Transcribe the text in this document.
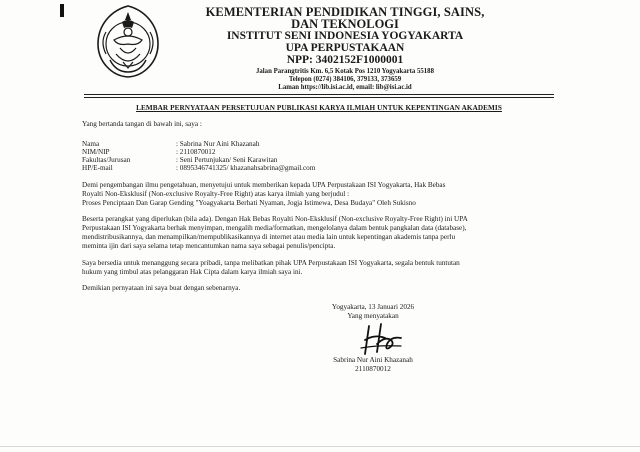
KEMENTERIAN PENDIDIKAN TINGGI, SAINS,
DAN TEKNOLOGI
INSTITUT SENI INDONESIA YOGYAKARTA
UPA PERPUSTAKAAN
NPP: 3402152F1000001
Jalan Parangtritis Km. 6,5 Kotak Pos 1210 Yogyakarta 55188
Telepon (0274) 384106, 379133, 373659
Laman https://lib.isi.ac.id, email: lib@isi.ac.id
LEMBAR PERNYATAAN PERSETUJUAN PUBLIKASI KARYA ILMIAH UNTUK KEPENTINGAN AKADEMIS
Yang bertanda tangan di bawah ini, saya :
Nama	: Sabrina Nur Aini Khazanah
NIM/NIP	: 2110870012
Fakultas/Jurusan	: Seni Pertunjukan/ Seni Karawitan
HP/E-mail	: 0895346741325/ khazanahsabrina@gmail.com
Demi pengembangan ilmu pengetahuan, menyetujui untuk memberikan kepada UPA Perpustakaan ISI Yogyakarta, Hak Bebas
Royalti Non-Eksklusif (Non-exclusive Royalty-Free Right) atas karya ilmiah yang berjudul :
Proses Penciptaan Dan Garap Gending "Yoagyakarta Berhati Nyaman, Jogja Istimewa, Desa Budaya" Oleh Sukisno
Beserta perangkat yang diperlukan (bila ada). Dengan Hak Bebas Royalti Non-Eksklusif (Non-exclusive Royalty-Free Right) ini UPA
Perpustakaan ISI Yogyakarta berhak menyimpan, mengalih media/formatkan, mengelolanya dalam bentuk pangkalan data (database),
mendistribusikannya, dan menampilkan/mempublikasikannya di internet atau media lain untuk kepentingan akademis tanpa perlu
meminta ijin dari saya selama tetap mencantumkan nama saya sebagai penulis/pencipta.
Saya bersedia untuk menanggung secara pribadi, tanpa melibatkan pihak UPA Perpustakaan ISI Yogyakarta, segala bentuk tuntutan
hukum yang timbul atas pelanggaran Hak Cipta dalam karya ilmiah saya ini.
Demikian pernyataan ini saya buat dengan sebenarnya.
Yogyakarta, 13 Januari 2026
Yang menyatakan
Sabrina Nur Aini Khazanah
2110870012
